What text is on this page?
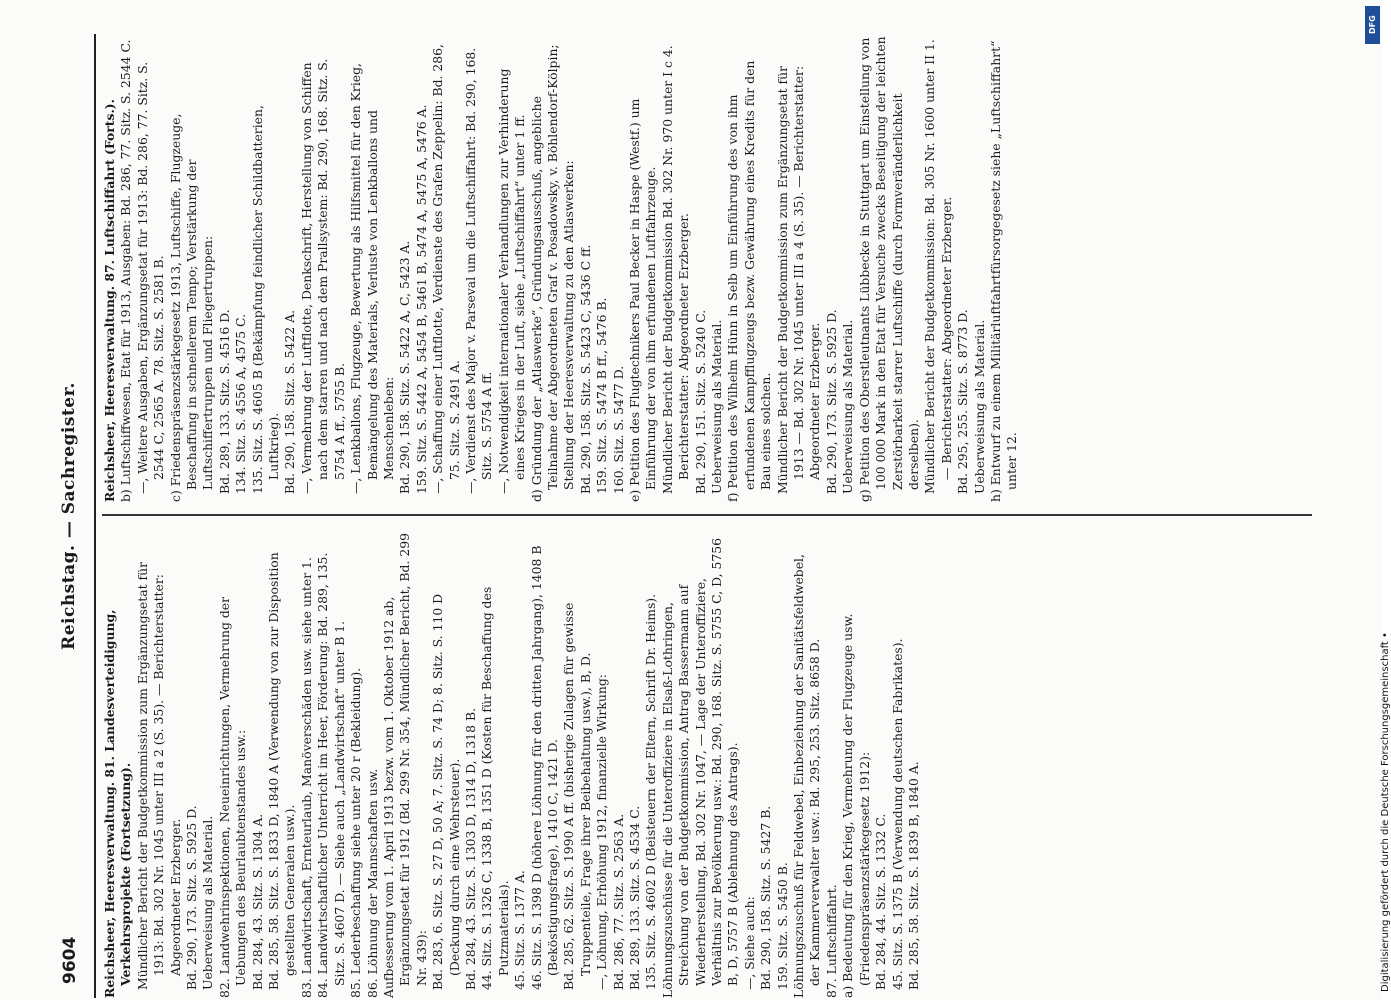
9604
Reichstag. — Sachregister.

Reichsheer, Heeresverwaltung. 81. Landesverteidigung, Verkehrsprojekte (Fortsetzung). Mündlicher Bericht der Budgetkommission zum Ergänzungsetat für 1913: Bd. 302 Nr. 1045 unter III a 2 (S. 35). — Berichterstatter: Abgeordneter Erzberger. Bd. 290, 173. Sitz. S. 5925 D. Ueberweisung als Material. 82. Landwehrinspektionen, Neueinrichtungen, Vermehrung der Uebungen des Beurlaubtenstandes usw.: Bd. 284, 43. Sitz. S. 1304 A. Bd. 285, 58. Sitz. S. 1833 D, 1840 A (Verwendung von zur Disposition gestellten Generalen usw.). 83. Landwirtschaft, Ernteurlaub, Manöverschäden usw. siehe unter 1. 84. Landwirtschaftlicher Unterricht im Heer, Förderung: Bd. 289, 135. Sitz. S. 4607 D. — Siehe auch „Landwirtschaft“ unter B 1. 85. Lederbeschaffung siehe unter 20 r (Bekleidung). 86. Löhnung der Mannschaften usw. Aufbesserung vom 1. April 1913 bezw. vom 1. Oktober 1912 ab, Ergänzungsetat für 1912 (Bd. 299 Nr. 354, Mündlicher Bericht, Bd. 299 Nr. 439): Bd. 283, 6. Sitz. S. 27 D, 50 A; 7. Sitz. S. 74 D; 8. Sitz. S. 110 D (Deckung durch eine Wehrsteuer). Bd. 284, 43. Sitz. S. 1303 D, 1314 D, 1318 B. 44. Sitz. S. 1326 C, 1338 B, 1351 D (Kosten für Beschaffung des Putzmaterials). 45. Sitz. S. 1377 A. 46. Sitz. S. 1398 D (höhere Löhnung für den dritten Jahrgang), 1408 B (Beköstigungsfrage), 1410 C, 1421 D. Bd. 285, 62. Sitz. S. 1990 A ff. (bisherige Zulagen für gewisse Truppenteile, Frage ihrer Beibehaltung usw.), B, D. —, Löhnung, Erhöhung 1912, finanzielle Wirkung: Bd. 286, 77. Sitz. S. 2563 A. Bd. 289, 133. Sitz. S. 4534 C. 135. Sitz. S. 4602 D (Beisteuern der Eltern, Schrift Dr. Heims). Löhnungszuschüsse für die Unteroffiziere in Elsaß-Lothringen, Streichung von der Budgetkommission, Antrag Bassermann auf Wiederherstellung, Bd. 302 Nr. 1047, — Lage der Unteroffiziere, Verhältnis zur Bevölkerung usw.: Bd. 290, 168. Sitz. S. 5755 C, D, 5756 B, D, 5757 B (Ablehnung des Antrags). —, Siehe auch: Bd. 290, 158. Sitz. S. 5427 B. 159. Sitz. S. 5450 B. Löhnungszuschuß für Feldwebel, Einbeziehung der Sanitätsfeldwebel, der Kammerverwalter usw.: Bd. 295, 253. Sitz. 8658 D. 87. Luftschiffahrt. a) Bedeutung für den Krieg, Vermehrung der Flugzeuge usw. (Friedenspräsenzstärkegesetz 1912): Bd. 284, 44. Sitz. S. 1332 C. 45. Sitz. S. 1375 B (Verwendung deutschen Fabrikates). Bd. 285, 58. Sitz. S. 1839 B, 1840 A.

Reichsheer, Heeresverwaltung. 87. Luftschiffahrt (Forts.). b) Luftschiffwesen, Etat für 1913, Ausgaben: Bd. 286, 77. Sitz. S. 2544 C. —, Weitere Ausgaben, Ergänzungsetat für 1913: Bd. 286, 77. Sitz. S. 2544 C, 2565 A. 78. Sitz. S. 2581 B. c) Friedenspräsenzstärkegesetz 1913, Luftschiffe, Flugzeuge, Beschaffung in schnellerem Tempo; Verstärkung der Luftschiffertruppen und Fliegertruppen: Bd. 289, 133. Sitz. S. 4516 D. 134. Sitz. S. 4556 A, 4575 C. 135. Sitz. S. 4605 B (Bekämpfung feindlicher Schildbatterien, Luftkrieg). Bd. 290, 158. Sitz. S. 5422 A. —, Vermehrung der Luftflotte, Denkschrift, Herstellung von Schiffen nach dem starren und nach dem Prallsystem: Bd. 290, 168. Sitz. S. 5754 A ff., 5755 B. —, Lenkballons, Flugzeuge, Bewertung als Hilfsmittel für den Krieg, Bemängelung des Materials, Verluste von Lenkballons und Menschenleben: Bd. 290, 158. Sitz. S. 5422 A, C, 5423 A. 159. Sitz. S. 5442 A, 5454 B, 5461 B, 5474 A, 5475 A, 5476 A. —, Schaffung einer Luftflotte, Verdienste des Grafen Zeppelin: Bd. 286, 75. Sitz. S. 2491 A. —, Verdienst des Major v. Parseval um die Luftschiffahrt: Bd. 290, 168. Sitz. S. 5754 A ff. —, Notwendigkeit internationaler Verhandlungen zur Verhinderung eines Krieges in der Luft, siehe „Luftschiffahrt“ unter 1 ff. d) Gründung der „Atlaswerke“, Gründungsausschuß, angebliche Teilnahme der Abgeordneten Graf v. Posadowsky, v. Böhlendorf-Kölpin; Stellung der Heeresverwaltung zu den Atlaswerken: Bd. 290, 158. Sitz. S. 5423 C, 5436 C ff. 159. Sitz. S. 5474 B ff., 5476 B. 160. Sitz. S. 5477 D. e) Petition des Flugtechnikers Paul Becker in Haspe (Westf.) um Einführung der von ihm erfundenen Luftfahrzeuge. Mündlicher Bericht der Budgetkommission Bd. 302 Nr. 970 unter I c 4. Berichterstatter: Abgeordneter Erzberger. Bd. 290, 151. Sitz. S. 5240 C. Ueberweisung als Material. f) Petition des Wilhelm Hünn in Selb um Einführung des von ihm erfundenen Kampfflugzeugs bezw. Gewährung eines Kredits für den Bau eines solchen. Mündlicher Bericht der Budgetkommission zum Ergänzungsetat für 1913 — Bd. 302 Nr. 1045 unter III a 4 (S. 35). — Berichterstatter: Abgeordneter Erzberger. Bd. 290, 173. Sitz. S. 5925 D. Ueberweisung als Material. g) Petition des Oberstleutnants Lübbecke in Stuttgart um Einstellung von 100 000 Mark in den Etat für Versuche zwecks Beseitigung der leichten Zerstörbarkeit starrer Luftschiffe (durch Formveränderlichkeit derselben). Mündlicher Bericht der Budgetkommission: Bd. 305 Nr. 1600 unter II 1. — Berichterstatter: Abgeordneter Erzberger. Bd. 295, 255. Sitz. S. 8773 D. Ueberweisung als Material. h) Entwurf zu einem Militärluftfahrtfürsorgegesetz siehe „Luftschiffahrt“ unter 12.

DFG
Digitalisierung gefördert durch die Deutsche Forschungsgemeinschaft •
